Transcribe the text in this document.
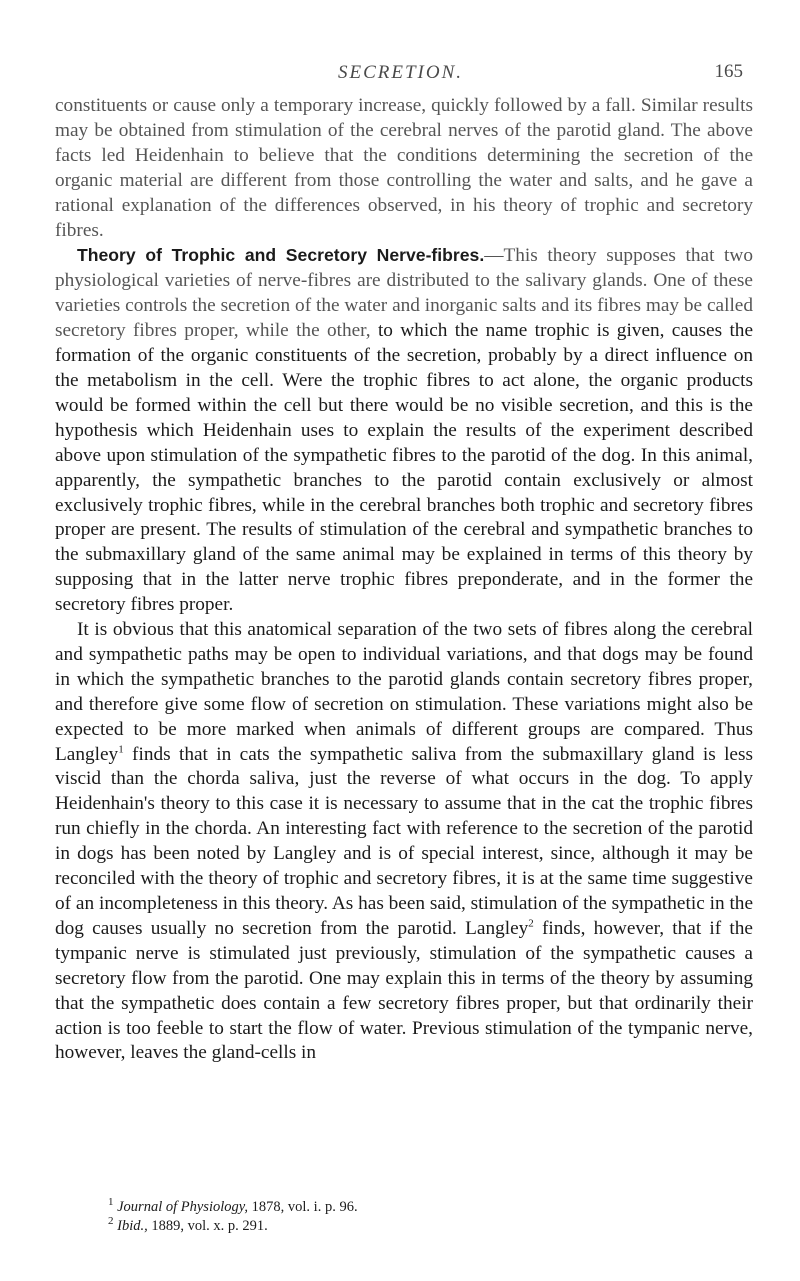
SECRETION.	165

constituents or cause only a temporary increase, quickly followed by a fall. Similar results may be obtained from stimulation of the cerebral nerves of the parotid gland. The above facts led Heidenhain to believe that the conditions determining the secretion of the organic material are different from those controlling the water and salts, and he gave a rational explanation of the differences observed, in his theory of trophic and secretory fibres.

Theory of Trophic and Secretory Nerve-fibres.—This theory supposes that two physiological varieties of nerve-fibres are distributed to the salivary glands. One of these varieties controls the secretion of the water and inorganic salts and its fibres may be called secretory fibres proper, while the other, to which the name trophic is given, causes the formation of the organic constituents of the secretion, probably by a direct influence on the metabolism in the cell. Were the trophic fibres to act alone, the organic products would be formed within the cell but there would be no visible secretion, and this is the hypothesis which Heidenhain uses to explain the results of the experiment described above upon stimulation of the sympathetic fibres to the parotid of the dog. In this animal, apparently, the sympathetic branches to the parotid contain exclusively or almost exclusively trophic fibres, while in the cerebral branches both trophic and secretory fibres proper are present. The results of stimulation of the cerebral and sympathetic branches to the submaxillary gland of the same animal may be explained in terms of this theory by supposing that in the latter nerve trophic fibres preponderate, and in the former the secretory fibres proper.

It is obvious that this anatomical separation of the two sets of fibres along the cerebral and sympathetic paths may be open to individual variations, and that dogs may be found in which the sympathetic branches to the parotid glands contain secretory fibres proper, and therefore give some flow of secretion on stimulation. These variations might also be expected to be more marked when animals of different groups are compared. Thus Langley$^1$ finds that in cats the sympathetic saliva from the submaxillary gland is less viscid than the chorda saliva, just the reverse of what occurs in the dog. To apply Heidenhain's theory to this case it is necessary to assume that in the cat the trophic fibres run chiefly in the chorda. An interesting fact with reference to the secretion of the parotid in dogs has been noted by Langley and is of special interest, since, although it may be reconciled with the theory of trophic and secretory fibres, it is at the same time suggestive of an incompleteness in this theory. As has been said, stimulation of the sympathetic in the dog causes usually no secretion from the parotid. Langley$^2$ finds, however, that if the tympanic nerve is stimulated just previously, stimulation of the sympathetic causes a secretory flow from the parotid. One may explain this in terms of the theory by assuming that the sympathetic does contain a few secretory fibres proper, but that ordinarily their action is too feeble to start the flow of water. Previous stimulation of the tympanic nerve, however, leaves the gland-cells in

$^1$ Journal of Physiology, 1878, vol. i. p. 96.
$^2$ Ibid., 1889, vol. x. p. 291.
